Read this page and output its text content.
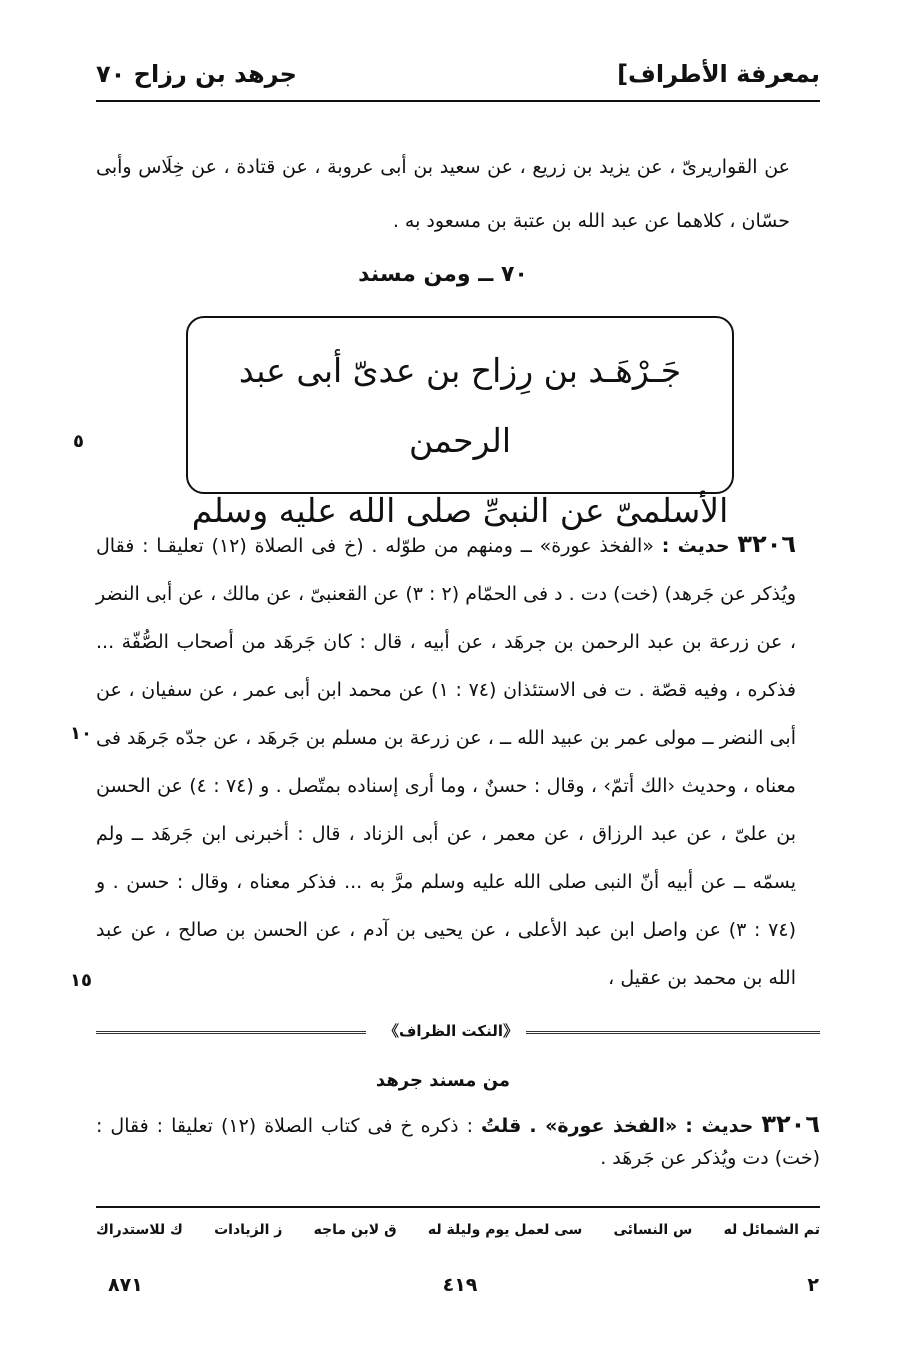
بمعرفة الأطراف]
جرهد بن رزاح ٧٠
عن القواريرىّ ، عن يزيد بن زريع ، عن سعيد بن أبى عروبة ، عن قتادة ، عن خِلَاس وأبى حسّان ، كلاهما عن عبد الله بن عتبة بن مسعود به .
٧٠ ــ ومن مسند
جَـرْهَـد بن رِزاح بن عدىّ أبى عبد الرحمن
الأسلمىّ عن النبىِّ صلى الله عليه وسلم
٥
١٠
١٥
٣٢٠٦ حديث : «الفخذ عورة» ــ ومنهم من طوّله . (خ فى الصلاة (١٢) تعليقـا : فقال ويُذكر عن جَرهد) (خت) دت . د فى الحمّام (٢ : ٣) عن القعنبىّ ، عن مالك ، عن أبى النضر ، عن زرعة بن عبد الرحمن بن جرهَد ، عن أبيه ، قال : كان جَرهَد من أصحاب الصُّفّة ... فذكره ، وفيه قصّة . ت فى الاستئذان (٧٤ : ١) عن محمد ابن أبى عمر ، عن سفيان ، عن أبى النضر ــ مولى عمر بن عبيد الله ــ ، عن زرعة بن مسلم بن جَرهَد ، عن جدّه جَرهَد فى معناه ، وحديث ‹الك أتمّ› ، وقال : حسنٌ ، وما أرى إسناده بمتّصل . و (٧٤ : ٤) عن الحسن بن علىّ ، عن عبد الرزاق ، عن معمر ، عن أبى الزناد ، قال : أخبرنى ابن جَرهَد ــ ولم يسمّه ــ عن أبيه أنّ النبى صلى الله عليه وسلم مرَّ به ... فذكر معناه ، وقال : حسن . و (٧٤ : ٣) عن واصل ابن عبد الأعلى ، عن يحيى بن آدم ، عن الحسن بن صالح ، عن عبد الله بن محمد بن عقيل ،
《النكت الظراف》
من مسند جرهد
٣٢٠٦ حديث : «الفخذ عورة» . قلتُ : ذكره خ فى كتاب الصلاة (١٢) تعليقا : فقال : (خت) دت ويُذكر عن جَرهَد .
تم الشمائل له
س النسائى
سى لعمل يوم وليلة له
ق لابن ماجه
ز الزيادات
ك للاستدراك
٢
٤١٩
٨٧١
